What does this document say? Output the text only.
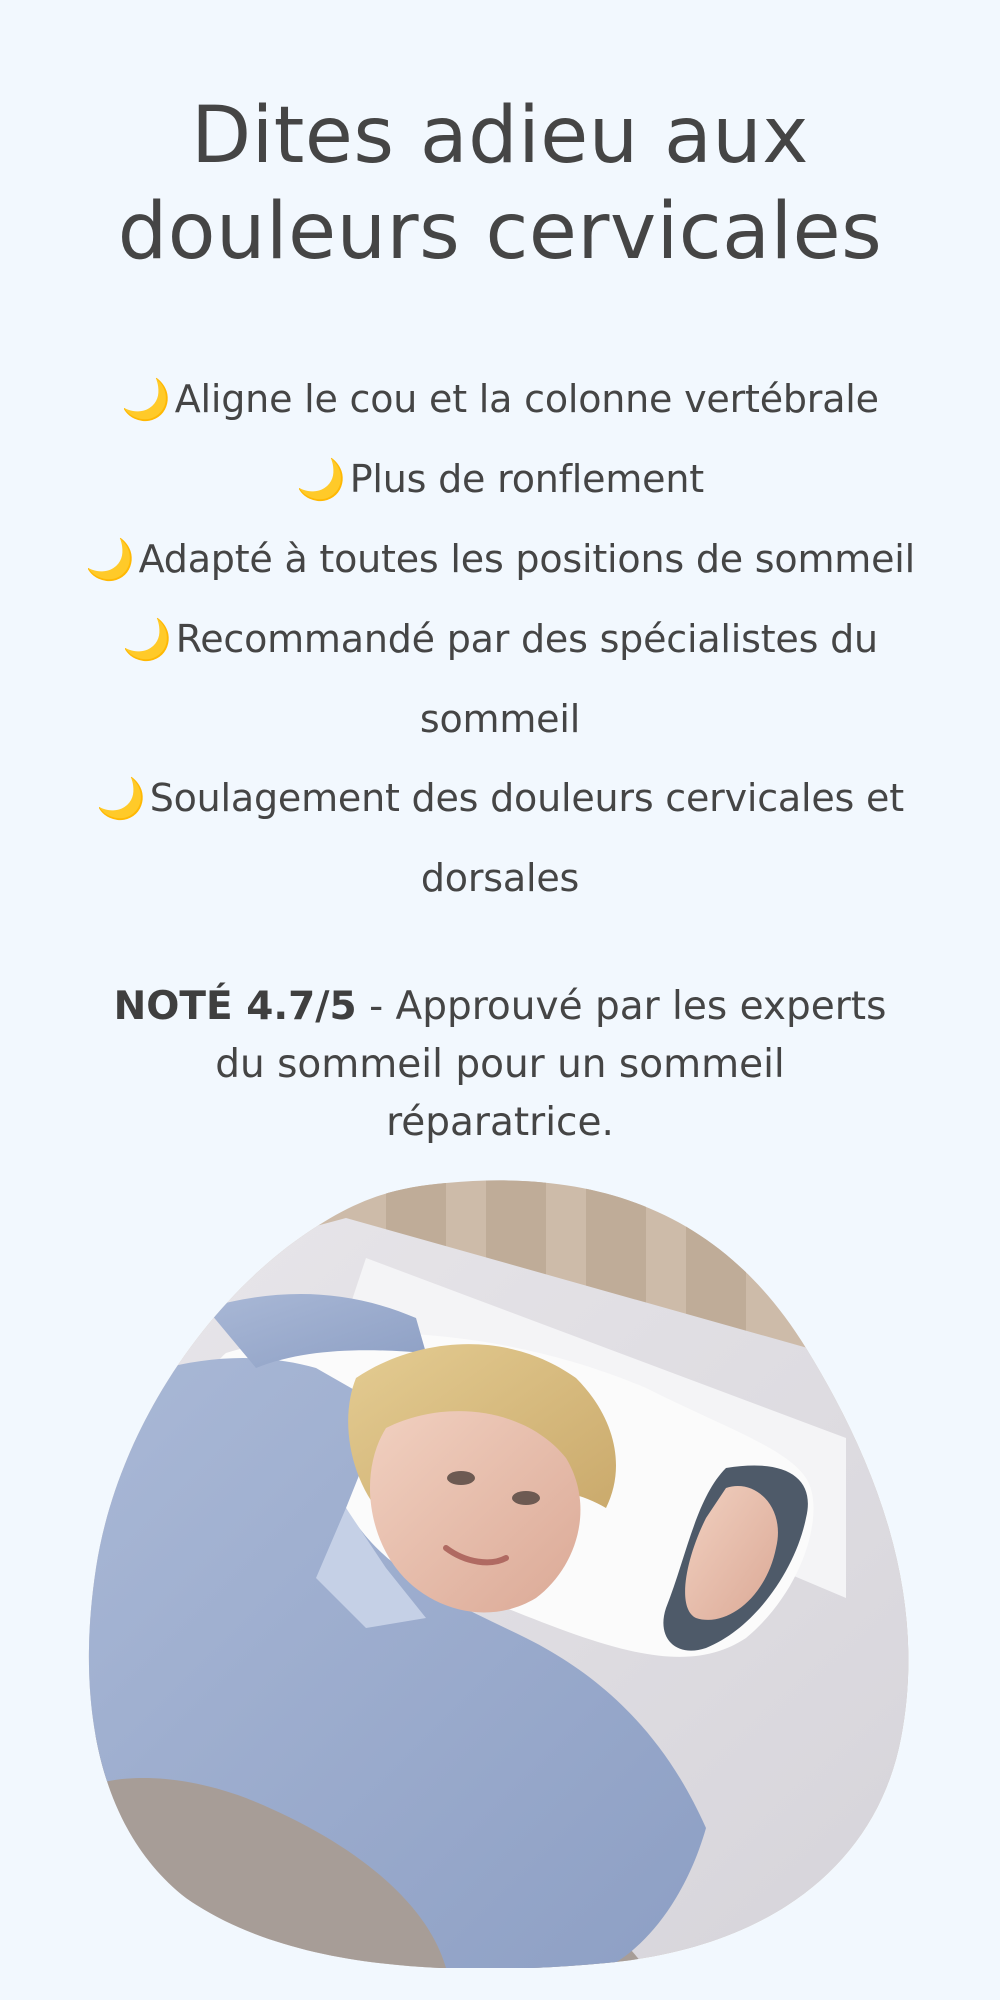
Dites adieu aux
douleurs cervicales
🌙 Aligne le cou et la colonne vertébrale
🌙 Plus de ronflement
🌙 Adapté à toutes les positions de sommeil
🌙 Recommandé par des spécialistes du sommeil
🌙 Soulagement des douleurs cervicales et dorsales

NOTÉ 4.7/5 - Approuvé par les experts du sommeil pour un sommeil réparatrice.
